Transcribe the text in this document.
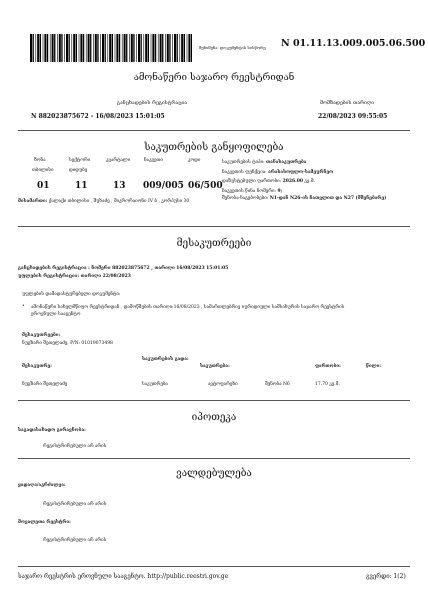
შენიშვნა: დოკუმენტის სისწორე N 01.11.13.009.005.06.500
ამონაწერი საჯარო რეესტრიდან
განცხადების რეგისტრაცია
N 882023875672 - 16/08/2023 15:01:05
მომზადების თარიღი
22/08/2023 09:55:05
საკუთრების განყოფილება
ზონა	სექტორი	კვარტალი	ნაკვეთი	კოდი
თბილისი	დიდუბე
01	11	13 009/005 06/500
მისამართი: ქალაქი თბილისი , შუხაძე , მიკრორაიონი IV ბ , კორპუსი 30
საკუთრების ტიპი: თანასაკუთრება
ნაკვეთის ფუნქცია: არასასოფლო-სამეურნეო
დაზუსტებული ფართობი: 2026.00 კვ.მ.
ნაკვეთის წინა ნომერი: 9;
შენობა-ნაგებობები: N1-დან N26-ის ჩათვლით და N27 (მშენებარე)
მესაკუთრეები
განცხადების რეგისტრაცია : ნომერი 882023875672 , თარიღი 16/08/2023 15:01:05
უფლების რეგისტრაცია: თარიღი 22/08/2023
უფლების დამადასტურებელი დოკუმენტი:
• ამონაწერი სახელმწიფო რეესტრიდან , დამოწმების თარიღი:16/08/2023 , სამართლებრივ იურიდიული სამსახურის საჯარო რეესტრის ეროვნული სააგენტო
მესაკუთრეები:
ნუგზარი შეთელაძე, P/N: 01019073498
მესაკუთრე:
საკუთრების გადა:
საკუთრება:	ფართობი:	წილი:
ნუგზარი შეთელაძე	საკუთრება	ავტოფარეხი	შენობა N6	17.70 კვ.მ.
იპოთეკა
საგადასახადო გირავნობა:
რეგისტრირებული არ არის
ვალდებულება
ყადაღა/აკრძალვა:
რეგისტრირებული არ არის
მოვალეთა რეესტრი:
რეგისტრირებული არ არის
საჯარო რეესტრის ეროვნული სააგენტო. http://public.reestri.gov.ge	გვერდი: 1(2)
